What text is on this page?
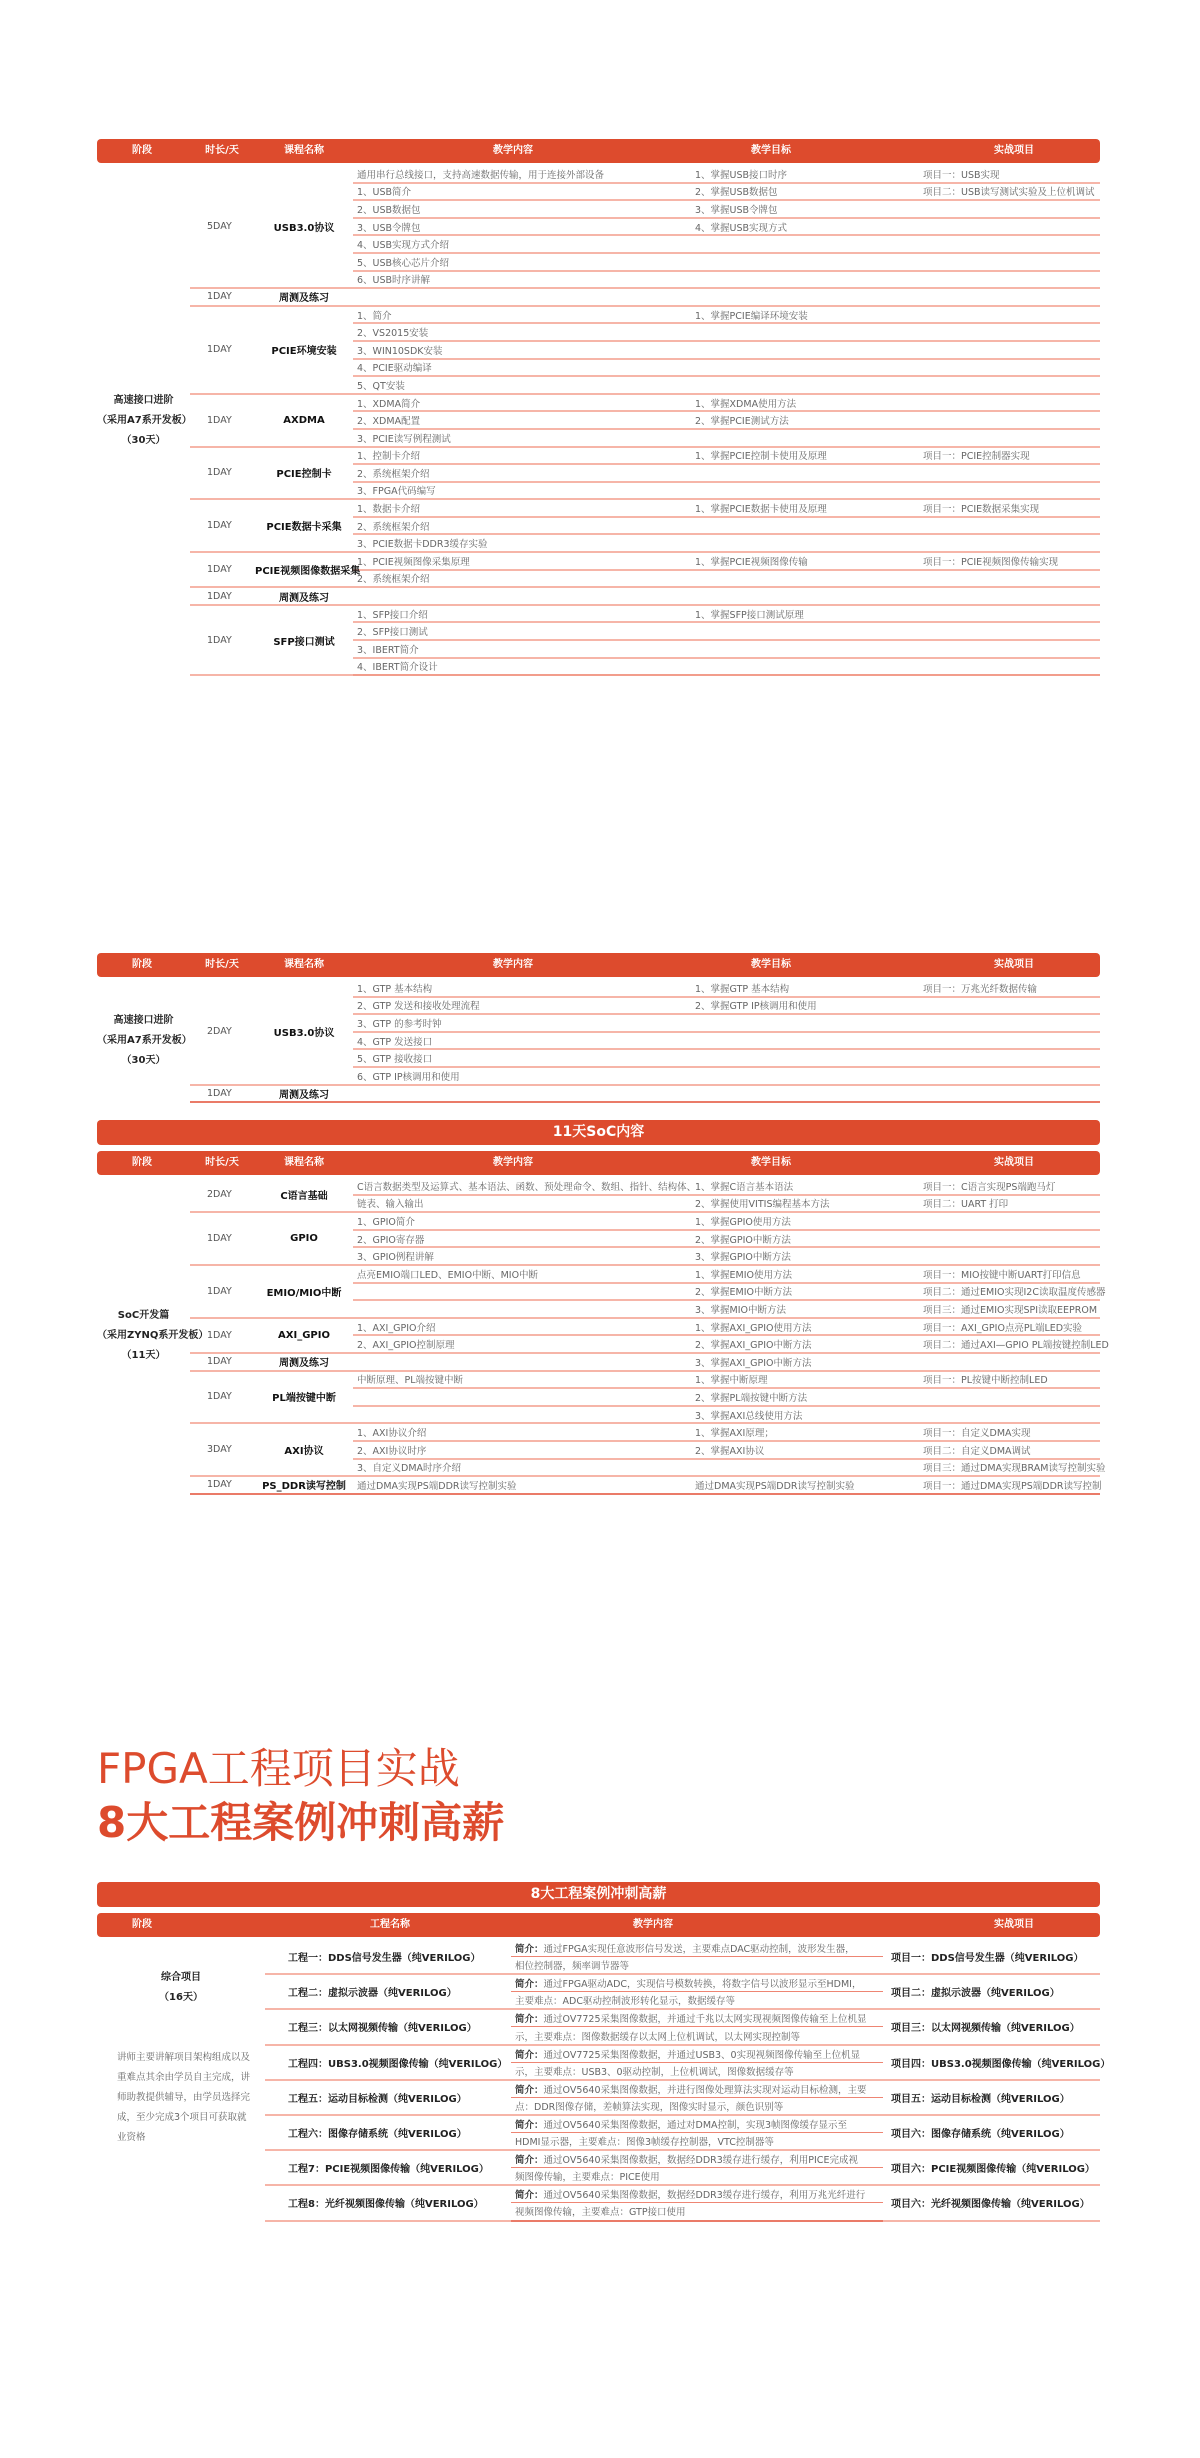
阶段	时长/天	课程名称	教学内容	教学目标	实战项目
高速接口进阶
（采用A7系开发板）
（30天）	5DAY	USB3.0协议	通用串行总线接口，支持高速数据传输，用于连接外部设备	1、掌握USB接口时序	项目一：USB实现
			1、USB简介	2、掌握USB数据包	项目二：USB读写测试实验及上位机调试
			2、USB数据包	3、掌握USB令牌包	
			3、USB令牌包	4、掌握USB实现方式	
			4、USB实现方式介绍		
			5、USB核心芯片介绍		
			6、USB时序讲解		
	1DAY	周测及练习			
	1DAY	PCIE环境安装	1、简介	1、掌握PCIE编译环境安装	
			2、VS2015安装		
			3、WIN10SDK安装		
			4、PCIE驱动编译		
			5、QT安装		
	1DAY	AXDMA	1、XDMA简介	1、掌握XDMA使用方法	
			2、XDMA配置	2、掌握PCIE测试方法	
			3、PCIE读写例程测试		
	1DAY	PCIE控制卡	1、控制卡介绍	1、掌握PCIE控制卡使用及原理	项目一：PCIE控制器实现
			2、系统框架介绍		
			3、FPGA代码编写		
	1DAY	PCIE数据卡采集	1、数据卡介绍	1、掌握PCIE数据卡使用及原理	项目一：PCIE数据采集实现
			2、系统框架介绍		
			3、PCIE数据卡DDR3缓存实验		
	1DAY	PCIE视频图像数据采集	1、PCIE视频图像采集原理	1、掌握PCIE视频图像传输	项目一：PCIE视频图像传输实现
			2、系统框架介绍		
	1DAY	周测及练习			
	1DAY	SFP接口测试	1、SFP接口介绍	1、掌握SFP接口测试原理	
			2、SFP接口测试		
			3、IBERT简介		
			4、IBERT简介设计		
阶段	时长/天	课程名称	教学内容	教学目标	实战项目
高速接口进阶
（采用A7系开发板）
（30天）	2DAY	USB3.0协议	1、GTP 基本结构	1、掌握GTP 基本结构	项目一：万兆光纤数据传输
			2、GTP 发送和接收处理流程	2、掌握GTP IP核调用和使用	
			3、GTP 的参考时钟		
			4、GTP 发送接口		
			5、GTP 接收接口		
			6、GTP IP核调用和使用		
	1DAY	周测及练习			
11天SoC内容
阶段	时长/天	课程名称	教学内容	教学目标	实战项目
SoC开发篇
（采用ZYNQ系开发板）
（11天）	2DAY	C语言基础	C语言数据类型及运算式、基本语法、函数、预处理命令、数组、指针、结构体、	1、掌握C语言基本语法	项目一：C语言实现PS端跑马灯
			链表、输入输出	2、掌握使用VITIS编程基本方法	项目二：UART 打印
	1DAY	GPIO	1、GPIO简介	1、掌握GPIO使用方法	
			2、GPIO寄存器	2、掌握GPIO中断方法	
			3、GPIO例程讲解	3、掌握GPIO中断方法	
	1DAY	EMIO/MIO中断	点亮EMIO端口LED、EMIO中断、MIO中断	1、掌握EMIO使用方法	项目一：MIO按键中断UART打印信息
				2、掌握EMIO中断方法	项目二：通过EMIO实现I2C读取温度传感器
				3、掌握MIO中断方法	项目三：通过EMIO实现SPI读取EEPROM
	1DAY	AXI_GPIO	1、AXI_GPIO介绍	1、掌握AXI_GPIO使用方法	项目一：AXI_GPIO点亮PL端LED实验
			2、AXI_GPIO控制原理	2、掌握AXI_GPIO中断方法	项目二：通过AXI—GPIO PL端按键控制LED
	1DAY	周测及练习		3、掌握AXI_GPIO中断方法	
	1DAY	PL端按键中断	中断原理、PL端按键中断	1、掌握中断原理	项目一：PL按键中断控制LED
				2、掌握PL端按键中断方法	
				3、掌握AXI总线使用方法	
	3DAY	AXI协议	1、AXI协议介绍	1、掌握AXI原理；	项目一：自定义DMA实现
			2、AXI协议时序	2、掌握AXI协议	项目二：自定义DMA调试
			3、自定义DMA时序介绍		项目三：通过DMA实现BRAM读写控制实验
	1DAY	PS_DDR读写控制	通过DMA实现PS端DDR读写控制实验	通过DMA实现PS端DDR读写控制实验	项目一：通过DMA实现PS端DDR读写控制
FPGA工程项目实战
8大工程案例冲刺高薪
8大工程案例冲刺高薪
阶段	工程名称	教学内容	实战项目
综合项目
（16天）
讲师主要讲解项目架构组成以及重难点其余由学员自主完成，讲师助教提供辅导，由学员选择完成，至少完成3个项目可获取就业资格	工程一：DDS信号发生器（纯VERILOG）	简介：通过FPGA实现任意波形信号发送，主要难点DAC驱动控制，波形发生器，	项目一：DDS信号发生器（纯VERILOG）
		相位控制器，频率调节器等	
	工程二：虚拟示波器（纯VERILOG）	简介：通过FPGA驱动ADC，实现信号模数转换，将数字信号以波形显示至HDMI，	项目二：虚拟示波器（纯VERILOG）
		主要难点：ADC驱动控制波形转化显示，数据缓存等	
	工程三：以太网视频传输（纯VERILOG）	简介：通过OV7725采集图像数据，并通过千兆以太网实现视频图像传输至上位机显	项目三：以太网视频传输（纯VERILOG）
		示，主要难点：图像数据缓存以太网上位机调试，以太网实现控制等	
	工程四：UBS3.0视频图像传输（纯VERILOG）	简介：通过OV7725采集图像数据，并通过USB3、0实现视频图像传输至上位机显	项目四：UBS3.0视频图像传输（纯VERILOG）
		示，主要难点：USB3、0驱动控制，上位机调试，图像数据缓存等	
	工程五：运动目标检测（纯VERILOG）	简介：通过OV5640采集图像数据，并进行图像处理算法实现对运动目标检测，主要	项目五：运动目标检测（纯VERILOG）
		点：DDR图像存储，差帧算法实现，图像实时显示，颜色识别等	
	工程六：图像存储系统（纯VERILOG）	简介：通过OV5640采集图像数据，通过对DMA控制，实现3帧图像缓存显示至	项目六：图像存储系统（纯VERILOG）
		HDMI显示器，主要难点：图像3帧缓存控制器，VTC控制器等	
	工程7：PCIE视频图像传输（纯VERILOG）	简介：通过OV5640采集图像数据，数据经DDR3缓存进行缓存，利用PICE完成视	项目六：PCIE视频图像传输（纯VERILOG）
		频图像传输，主要难点：PICE使用	
	工程8：光纤视频图像传输（纯VERILOG）	简介：通过OV5640采集图像数据，数据经DDR3缓存进行缓存，利用万兆光纤进行	项目六：光纤视频图像传输（纯VERILOG）
		视频图像传输，主要难点：GTP接口使用	
